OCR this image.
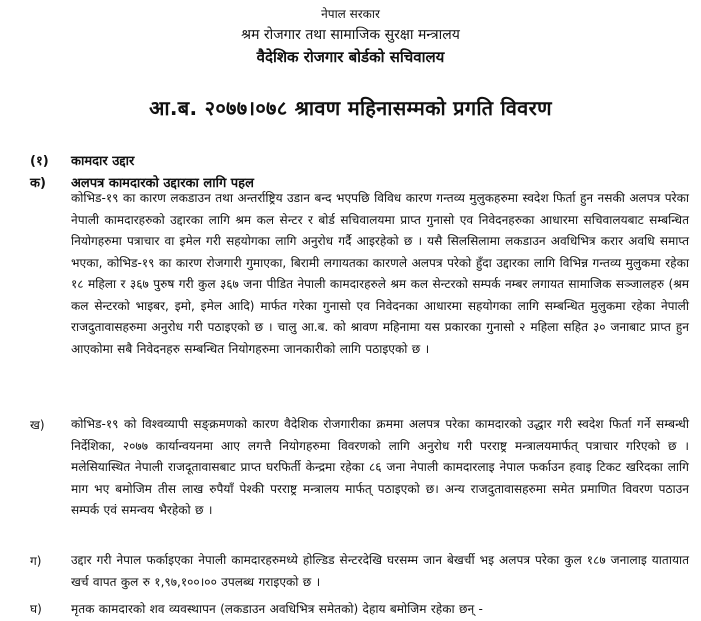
नेपाल सरकार
श्रम रोजगार तथा सामाजिक सुरक्षा मन्त्रालय
वैदेशिक रोजगार बोर्डको सचिवालय
आ.ब. २०७७।०७८ श्रावण महिनासम्मको प्रगति विवरण
(१) कामदार उद्दार
क) अलपत्र कामदारको उद्दारका लागि पहल

कोभिड-१९ का कारण लकडाउन तथा अन्तर्राष्ट्रिय उडान बन्द भएपछि विविध कारण गन्तव्य मुलुकहरुमा स्वदेश फिर्ता हुन नसकी अलपत्र परेका नेपाली कामदारहरुको उद्दारका लागि श्रम कल सेन्टर र बोर्ड सचिवालयमा प्राप्त गुनासो एव निवेदनहरुका आधारमा सचिवालयबाट सम्बन्धित नियोगहरुमा पत्राचार वा इमेल गरी सहयोगका लागि अनुरोध गर्दै आइरहेको छ । यसै सिलसिलामा लकडाउन अवधिभित्र करार अवधि समाप्त भएका, कोभिड-१९ का कारण रोजगारी गुमाएका, बिरामी लगायतका कारणले अलपत्र परेको हुँदा उद्दारका लागि विभिन्न गन्तव्य मुलुकमा रहेका १८ महिला र ३६७ पुरुष गरी कुल ३६७ जना पीडित नेपाली कामदारहरुले श्रम कल सेन्टरको सम्पर्क नम्बर लगायत सामाजिक सञ्जालहरु (श्रम कल सेन्टरको भाइबर, इमो, इमेल आदि) मार्फत गरेका गुनासो एव निवेदनका आधारमा सहयोगका लागि सम्बन्धित मुलुकमा रहेका नेपाली राजदुतावासहरुमा अनुरोध गरी पठाइएको छ । चालु आ.ब. को श्रावण महिनामा यस प्रकारका गुनासो २ महिला सहित ३० जनाबाट प्राप्त हुन आएकोमा सबै निवेदनहरु सम्बन्धित नियोगहरुमा जानकारीको लागि पठाइएको छ ।

ख) कोभिड-१९ को विश्वव्यापी सङ्क्रमणको कारण वैदेशिक रोजगारीका क्रममा अलपत्र परेका कामदारको उद्धार गरी स्वदेश फिर्ता गर्ने सम्बन्धी निर्देशिका, २०७७ कार्यान्वयनमा आए लगत्तै नियोगहरुमा विवरणको लागि अनुरोध गरी परराष्ट्र मन्त्रालयमार्फत् पत्राचार गरिएको छ । मलेसियास्थित नेपाली राजदूतावासबाट प्राप्त घरफिर्ती केन्द्रमा रहेका ८६ जना नेपाली कामदारलाइ नेपाल फर्काउन हवाइ टिकट खरिदका लागि माग भए बमोजिम तीस लाख रुपैयाँ पेश्की परराष्ट्र मन्त्रालय मार्फत् पठाइएको छ। अन्य राजदुतावासहरुमा समेत प्रमाणित विवरण पठाउन सम्पर्क एवं समन्वय भैरहेको छ ।

ग) उद्दार गरी नेपाल फर्काइएका नेपाली कामदारहरुमध्ये होल्डिड सेन्टरदेखि घरसम्म जान बेखर्ची भइ अलपत्र परेका कुल १८७ जनालाइ यातायात खर्च वापत कुल रु १,९७,१००।०० उपलब्ध गराइएको छ ।

घ) मृतक कामदारको शव व्यवस्थापन (लकडाउन अवधिभित्र समेतको) देहाय बमोजिम रहेका छन् -
